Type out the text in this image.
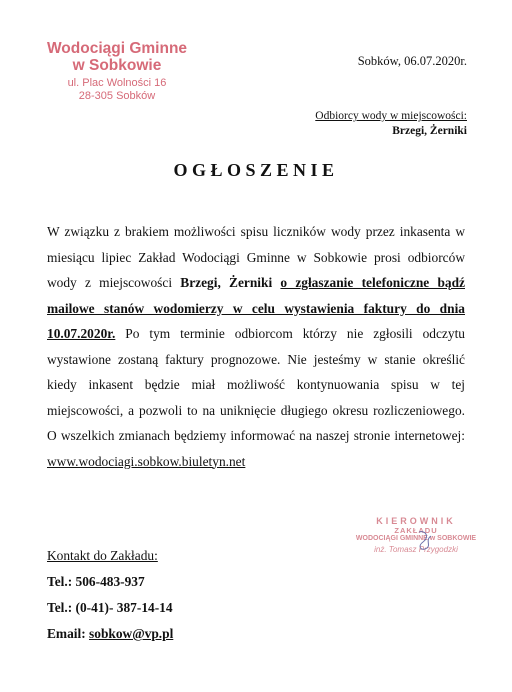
Wodociągi Gminne
w Sobkowie
ul. Plac Wolności 16
28-305 Sobków
Sobków, 06.07.2020r.
Odbiorcy wody w miejscowości:
Brzegi, Żerniki
OGŁOSZENIE
W związku z brakiem możliwości spisu liczników wody przez inkasenta w miesiącu lipiec Zakład Wodociągi Gminne w Sobkowie prosi odbiorców wody z miejscowości Brzegi, Żerniki o zgłaszanie telefoniczne bądź mailowe stanów wodomierzy w celu wystawienia faktury do dnia 10.07.2020r. Po tym terminie odbiorcom którzy nie zgłosili odczytu wystawione zostaną faktury prognozowe. Nie jesteśmy w stanie określić kiedy inkasent będzie miał możliwość kontynuowania spisu w tej miejscowości, a pozwoli to na uniknięcie długiego okresu rozliczeniowego. O wszelkich zmianach będziemy informować na naszej stronie internetowej: www.wodociagi.sobkow.biuletyn.net
KIEROWNIK
ZAKŁADU
WODOCIĄGI GMINNE w SOBKOWIE
inż. Tomasz Przygodzki
Kontakt do Zakładu:
Tel.: 506-483-937
Tel.: (0-41)- 387-14-14
Email: sobkow@vp.pl
